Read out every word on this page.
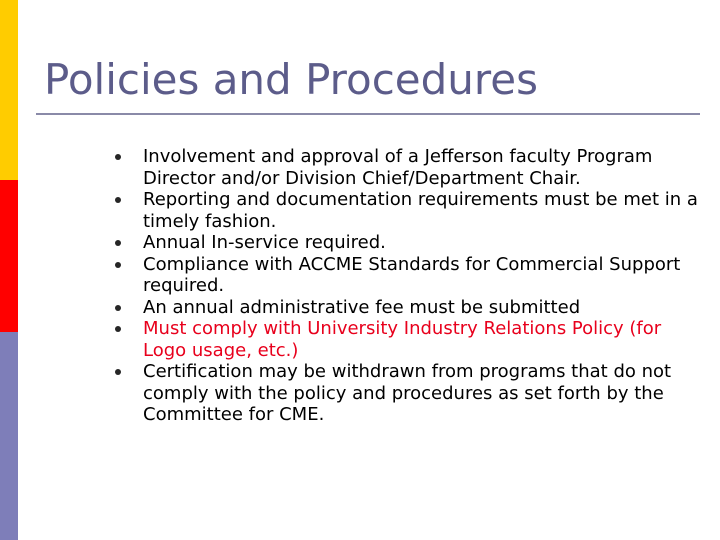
Policies and Procedures
Involvement and approval of a Jefferson faculty Program Director and/or Division Chief/Department Chair.
Reporting and documentation requirements must be met in a timely fashion.
Annual In-service required.
Compliance with ACCME Standards for Commercial Support required.
An annual administrative fee must be submitted
Must comply with University Industry Relations Policy (for Logo usage, etc.)
Certification may be withdrawn from programs that do not comply with the policy and procedures as set forth by the Committee for CME.
